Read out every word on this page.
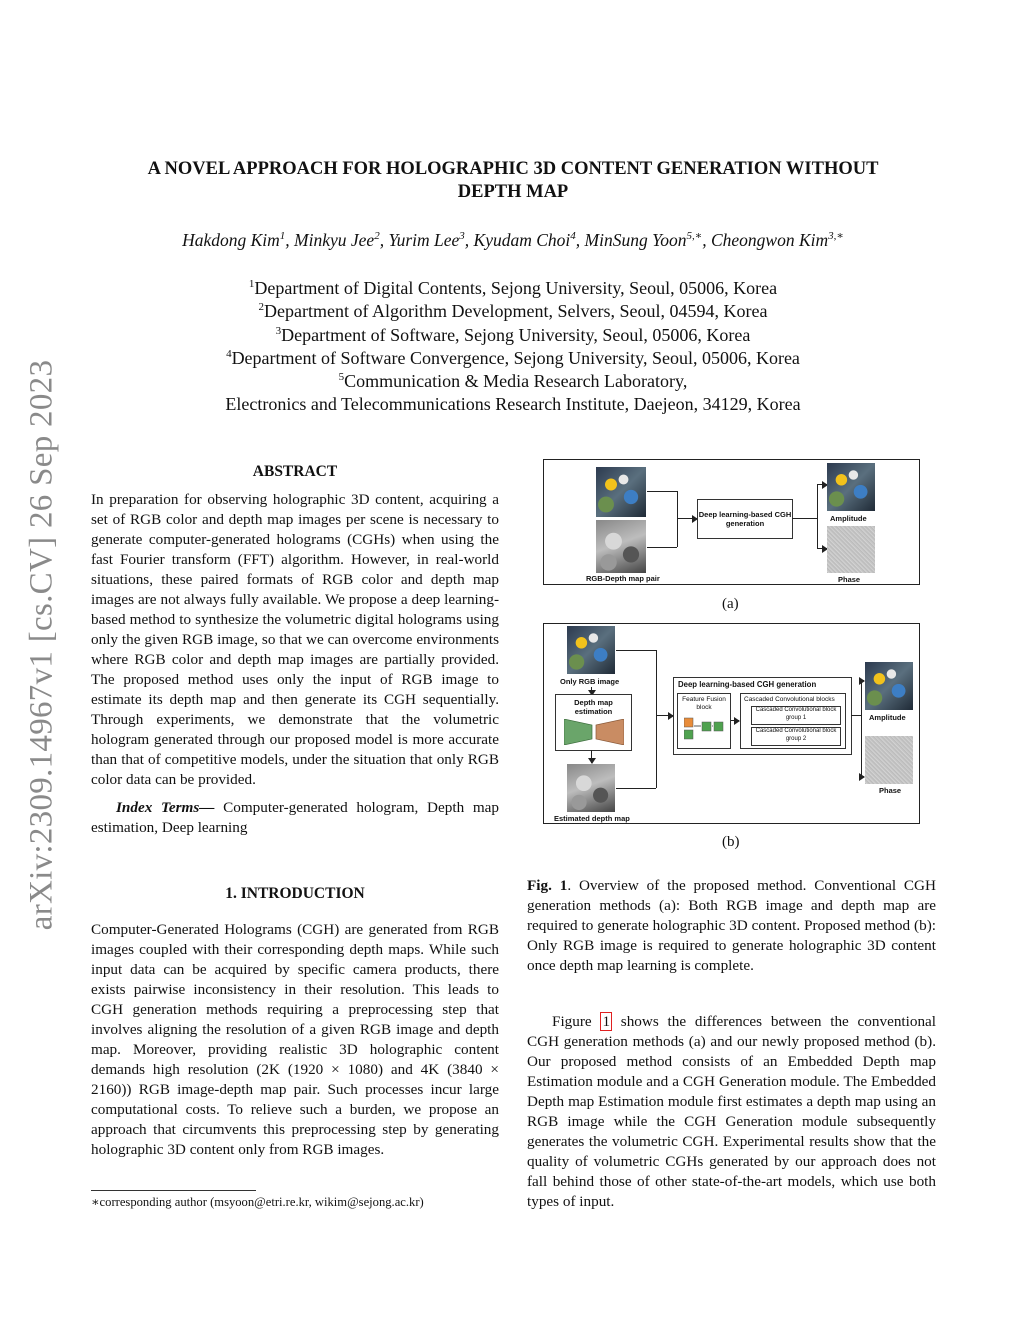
arXiv:2309.14967v1 [cs.CV] 26 Sep 2023
A NOVEL APPROACH FOR HOLOGRAPHIC 3D CONTENT GENERATION WITHOUT
DEPTH MAP
Hakdong Kim$^1$, Minkyu Jee$^2$, Yurim Lee$^3$, Kyudam Choi$^4$, MinSung Yoon$^{5,∗}$, Cheongwon Kim$^{3,∗}$
$^1$Department of Digital Contents, Sejong University, Seoul, 05006, Korea
$^2$Department of Algorithm Development, Selvers, Seoul, 04594, Korea
$^3$Department of Software, Sejong University, Seoul, 05006, Korea
$^4$Department of Software Convergence, Sejong University, Seoul, 05006, Korea
$^5$Communication & Media Research Laboratory,
Electronics and Telecommunications Research Institute, Daejeon, 34129, Korea
ABSTRACT
In preparation for observing holographic 3D content, acquiring a set of RGB color and depth map images per scene is necessary to generate computer-generated holograms (CGHs) when using the fast Fourier transform (FFT) algorithm. However, in real-world situations, these paired formats of RGB color and depth map images are not always fully available. We propose a deep learning-based method to synthesize the volumetric digital holograms using only the given RGB image, so that we can overcome environments where RGB color and depth map images are partially provided. The proposed method uses only the input of RGB image to estimate its depth map and then generate its CGH sequentially. Through experiments, we demonstrate that the volumetric hologram generated through our proposed model is more accurate than that of competitive models, under the situation that only RGB color data can be provided.
Index Terms— Computer-generated hologram, Depth map estimation, Deep learning
1. INTRODUCTION
Computer-Generated Holograms (CGH) are generated from RGB images coupled with their corresponding depth maps. While such input data can be acquired by specific camera products, there exists pairwise inconsistency in their resolution. This leads to CGH generation methods requiring a preprocessing step that involves aligning the resolution of a given RGB image and depth map. Moreover, providing realistic 3D holographic content demands high resolution (2K (1920 × 1080) and 4K (3840 × 2160)) RGB image-depth map pair. Such processes incur large computational costs. To relieve such a burden, we propose an approach that circumvents this preprocessing step by generating holographic 3D content only from RGB images.
∗corresponding author (msyoon@etri.re.kr, wikim@sejong.ac.kr)
Deep learning-based CGH generation
Amplitude
Phase
RGB-Depth map pair
(a)
Only RGB image
Depth map estimation
Estimated depth map
Deep learning-based CGH generation
Feature Fusion block
Cascaded Convolutional blocks
Cascaded Convolutional block group 1
Cascaded Convolutional block group 2
Amplitude
Phase
(b)
Fig. 1. Overview of the proposed method. Conventional CGH generation methods (a): Both RGB image and depth map are required to generate holographic 3D content. Proposed method (b): Only RGB image is required to generate holographic 3D content once depth map learning is complete.
Figure 1 shows the differences between the conventional CGH generation methods (a) and our newly proposed method (b). Our proposed method consists of an Embedded Depth map Estimation module and a CGH Generation module. The Embedded Depth map Estimation module first estimates a depth map using an RGB image while the CGH Generation module subsequently generates the volumetric CGH. Experimental results show that the quality of volumetric CGHs generated by our approach does not fall behind those of other state-of-the-art models, which use both types of input.
